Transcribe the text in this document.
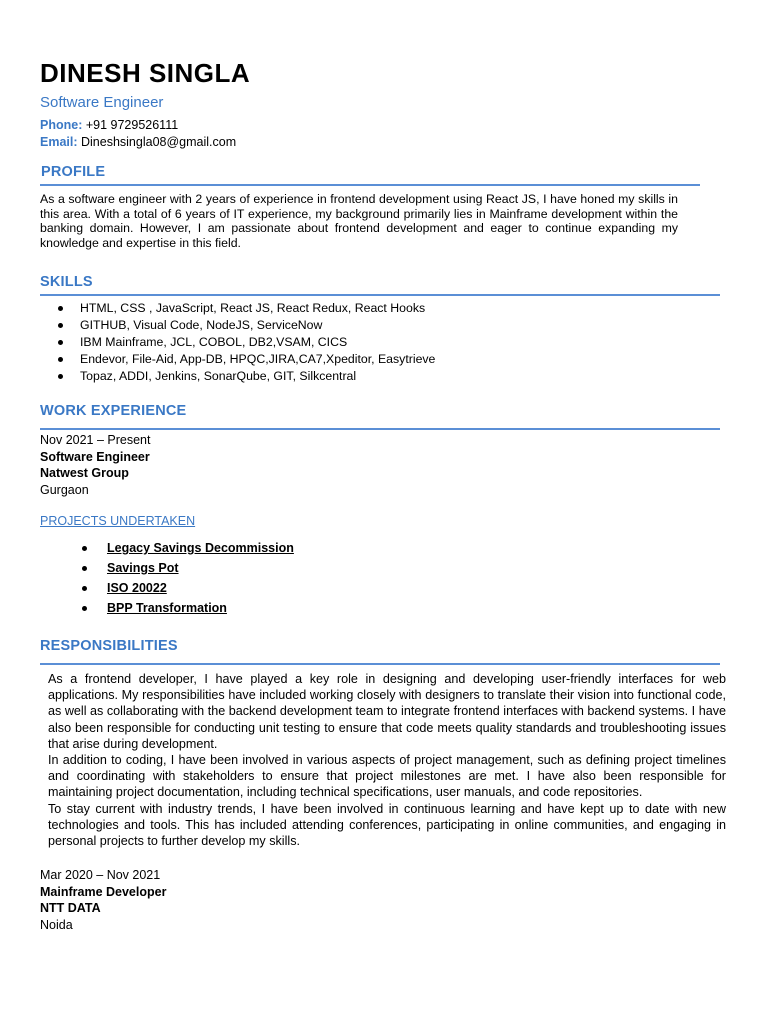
DINESH SINGLA
Software Engineer
Phone: +91 9729526111
Email: Dineshsingla08@gmail.com
PROFILE
As a software engineer with 2 years of experience in frontend development using React JS, I have honed my skills in this area. With a total of 6 years of IT experience, my background primarily lies in Mainframe development within the banking domain. However, I am passionate about frontend development and eager to continue expanding my knowledge and expertise in this field.
SKILLS
HTML, CSS , JavaScript, React JS, React Redux, React Hooks
GITHUB, Visual Code, NodeJS, ServiceNow
IBM Mainframe, JCL, COBOL, DB2,VSAM, CICS
Endevor, File-Aid, App-DB, HPQC,JIRA,CA7,Xpeditor, Easytrieve
Topaz, ADDI, Jenkins, SonarQube, GIT, Silkcentral
WORK EXPERIENCE
Nov 2021 – Present
Software Engineer
Natwest Group
Gurgaon
PROJECTS UNDERTAKEN
Legacy Savings Decommission
Savings Pot
ISO 20022
BPP Transformation
RESPONSIBILITIES

As a frontend developer, I have played a key role in designing and developing user-friendly interfaces for web applications. My responsibilities have included working closely with designers to translate their vision into functional code, as well as collaborating with the backend development team to integrate frontend interfaces with backend systems. I have also been responsible for conducting unit testing to ensure that code meets quality standards and troubleshooting issues that arise during development.

In addition to coding, I have been involved in various aspects of project management, such as defining project timelines and coordinating with stakeholders to ensure that project milestones are met. I have also been responsible for maintaining project documentation, including technical specifications, user manuals, and code repositories.

To stay current with industry trends, I have been involved in continuous learning and have kept up to date with new technologies and tools. This has included attending conferences, participating in online communities, and engaging in personal projects to further develop my skills.

Mar 2020 – Nov 2021
Mainframe Developer
NTT DATA
Noida
